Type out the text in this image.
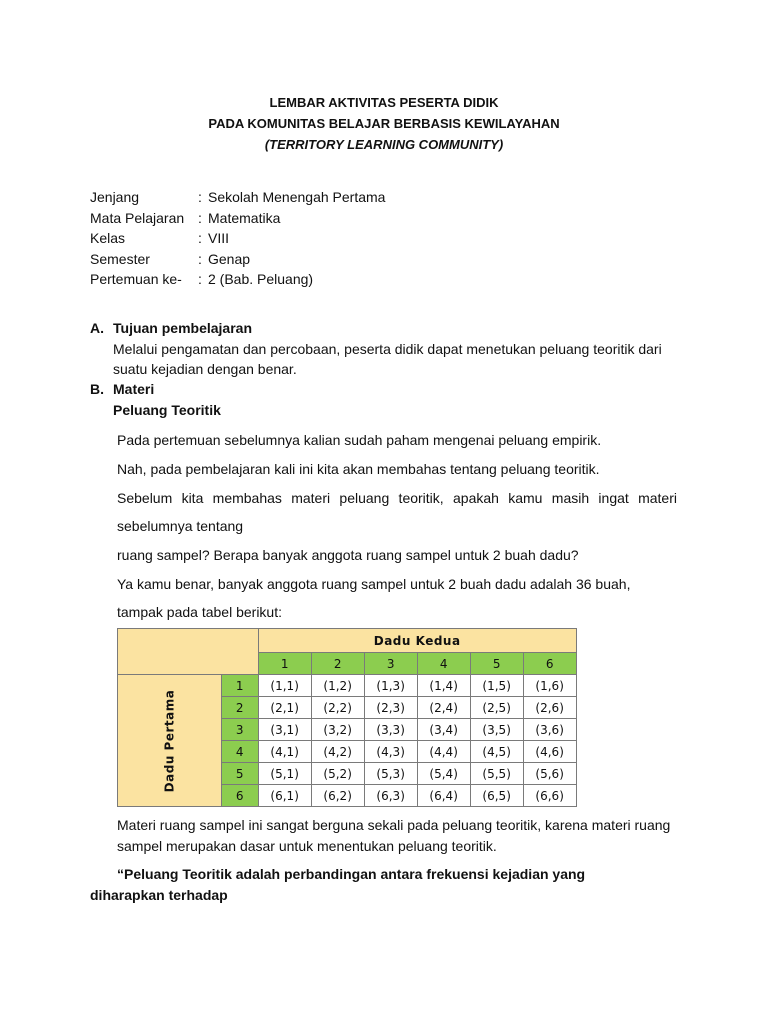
LEMBAR AKTIVITAS PESERTA DIDIK
PADA KOMUNITAS BELAJAR BERBASIS KEWILAYAHAN
(TERRITORY LEARNING COMMUNITY)
Jenjang	: Sekolah Menengah Pertama
Mata Pelajaran : Matematika
Kelas	: VIII
Semester	: Genap
Pertemuan ke-	: 2 (Bab. Peluang)
A. Tujuan pembelajaran
Melalui pengamatan dan percobaan, peserta didik dapat menetukan peluang teoritik dari
suatu kejadian dengan benar.
B. Materi
Peluang Teoritik
Pada pertemuan sebelumnya kalian sudah paham mengenai peluang empirik.
Nah, pada pembelajaran kali ini kita akan membahas tentang peluang teoritik.
Sebelum kita membahas materi peluang teoritik, apakah kamu masih ingat materi
sebelumnya tentang
ruang sampel? Berapa banyak anggota ruang sampel untuk 2 buah dadu?
Ya kamu benar, banyak anggota ruang sampel untuk 2 buah dadu adalah 36 buah,
tampak pada tabel berikut:
		Dadu Kedua					
		1	2	3	4	5	6
Dadu Pertama	1	(1,1)	(1,2)	(1,3)	(1,4)	(1,5)	(1,6)
	2	(2,1)	(2,2)	(2,3)	(2,4)	(2,5)	(2,6)
	3	(3,1)	(3,2)	(3,3)	(3,4)	(3,5)	(3,6)
	4	(4,1)	(4,2)	(4,3)	(4,4)	(4,5)	(4,6)
	5	(5,1)	(5,2)	(5,3)	(5,4)	(5,5)	(5,6)
	6	(6,1)	(6,2)	(6,3)	(6,4)	(6,5)	(6,6)
Materi ruang sampel ini sangat berguna sekali pada peluang teoritik, karena materi ruang
sampel merupakan dasar untuk menentukan peluang teoritik.
“Peluang Teoritik adalah perbandingan antara frekuensi kejadian yang diharapkan terhadap
